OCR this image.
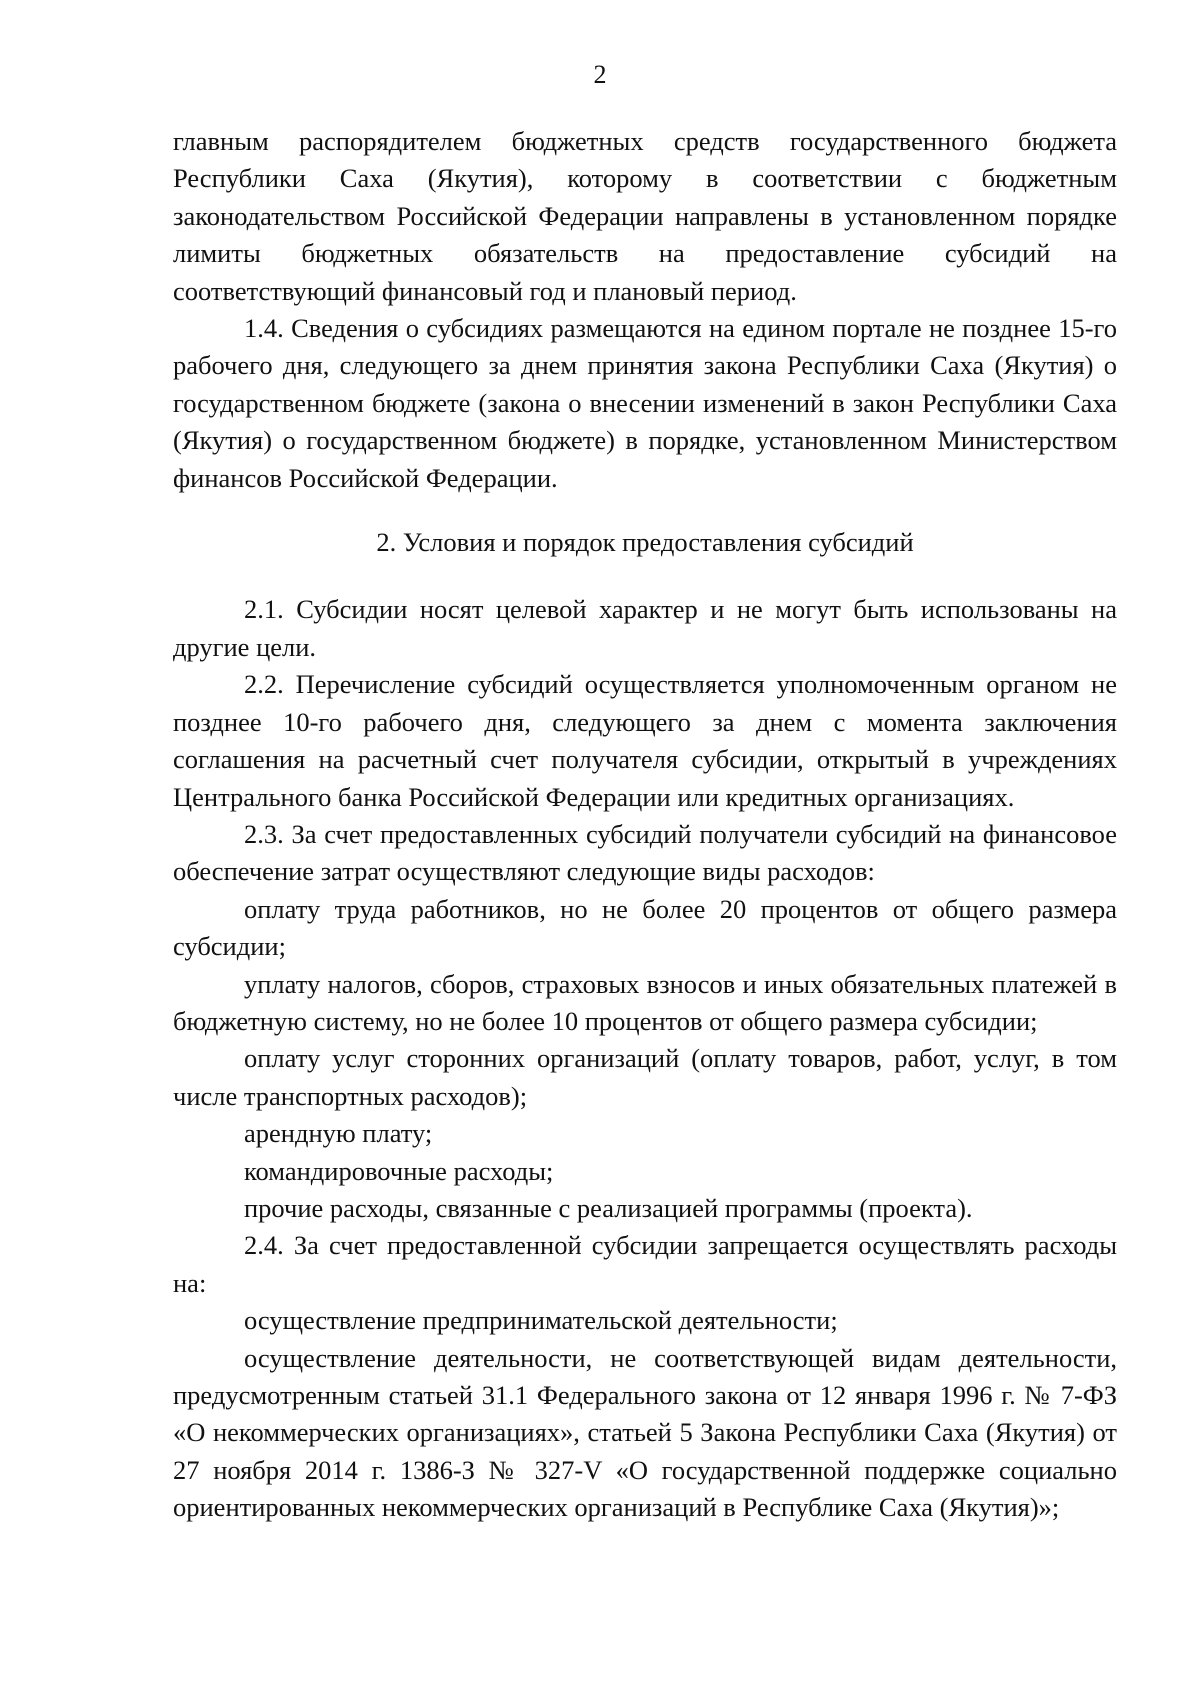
2

главным распорядителем бюджетных средств государственного бюджета Республики Саха (Якутия), которому в соответствии с бюджетным законодательством Российской Федерации направлены в установленном порядке лимиты бюджетных обязательств на предоставление субсидий на соответствующий финансовый год и плановый период.

1.4. Сведения о субсидиях размещаются на едином портале не позднее 15-го рабочего дня, следующего за днем принятия закона Республики Саха (Якутия) о государственном бюджете (закона о внесении изменений в закон Республики Саха (Якутия) о государственном бюджете) в порядке, установленном Министерством финансов Российской Федерации.

2. Условия и порядок предоставления субсидий

2.1. Субсидии носят целевой характер и не могут быть использованы на другие цели.

2.2. Перечисление субсидий осуществляется уполномоченным органом не позднее 10-го рабочего дня, следующего за днем с момента заключения соглашения на расчетный счет получателя субсидии, открытый в учреждениях Центрального банка Российской Федерации или кредитных организациях.

2.3. За счет предоставленных субсидий получатели субсидий на финансовое обеспечение затрат осуществляют следующие виды расходов:

оплату труда работников, но не более 20 процентов от общего размера субсидии;

уплату налогов, сборов, страховых взносов и иных обязательных платежей в бюджетную систему, но не более 10 процентов от общего размера субсидии;

оплату услуг сторонних организаций (оплату товаров, работ, услуг, в том числе транспортных расходов);

арендную плату;

командировочные расходы;

прочие расходы, связанные с реализацией программы (проекта).

2.4. За счет предоставленной субсидии запрещается осуществлять расходы на:

осуществление предпринимательской деятельности;

осуществление деятельности, не соответствующей видам деятельности, предусмотренным статьей 31.1 Федерального закона от 12 января 1996 г. № 7-ФЗ «О некоммерческих организациях», статьей 5 Закона Республики Саха (Якутия) от 27 ноября 2014 г. 1386-З № 327-V «О государственной поддержке социально ориентированных некоммерческих организаций в Республике Саха (Якутия)»;
